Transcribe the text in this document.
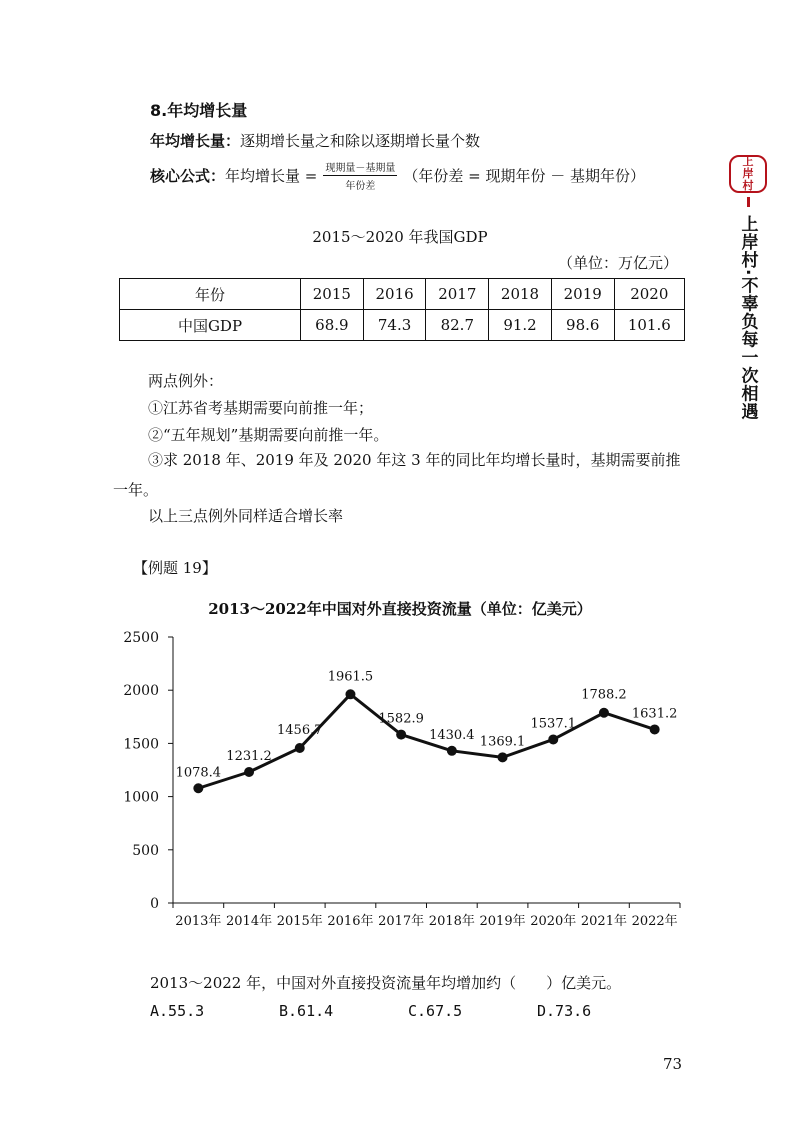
8.年均增长量
年均增长量：逐期增长量之和除以逐期增长量个数
核心公式： 年均增长量 = $\frac{\text{现期量－基期量}}{\text{年份差}}$ （年份差 = 现期年份 － 基期年份）
2015～2020 年我国GDP
（单位：万亿元）
年份	2015	2016	2017	2018	2019	2020
中国GDP	68.9	74.3	82.7	91.2	98.6	101.6
两点例外：
①江苏省考基期需要向前推一年；
②“五年规划”基期需要向前推一年。
③求 2018 年、2019 年及 2020 年这 3 年的同比年均增长量时，基期需要前推一年。
以上三点例外同样适合增长率
【例题 19】
2013～2022年中国对外直接投资流量（单位：亿美元）
0
500
1000
1500
2000
2500
2013年 2014年 2015年 2016年 2017年 2018年 2019年 2020年 2021年 2022年
1078.4
1231.2
1456.7
1961.5
1582.9
1430.4 1369.1
1537.1
1788.2
1631.2
2013～2022 年，中国对外直接投资流量年均增加约（　　）亿美元。
A.55.3	B.61.4	C.67.5	D.73.6
73
上
岸
村
上岸村·不辜负每一次相遇
